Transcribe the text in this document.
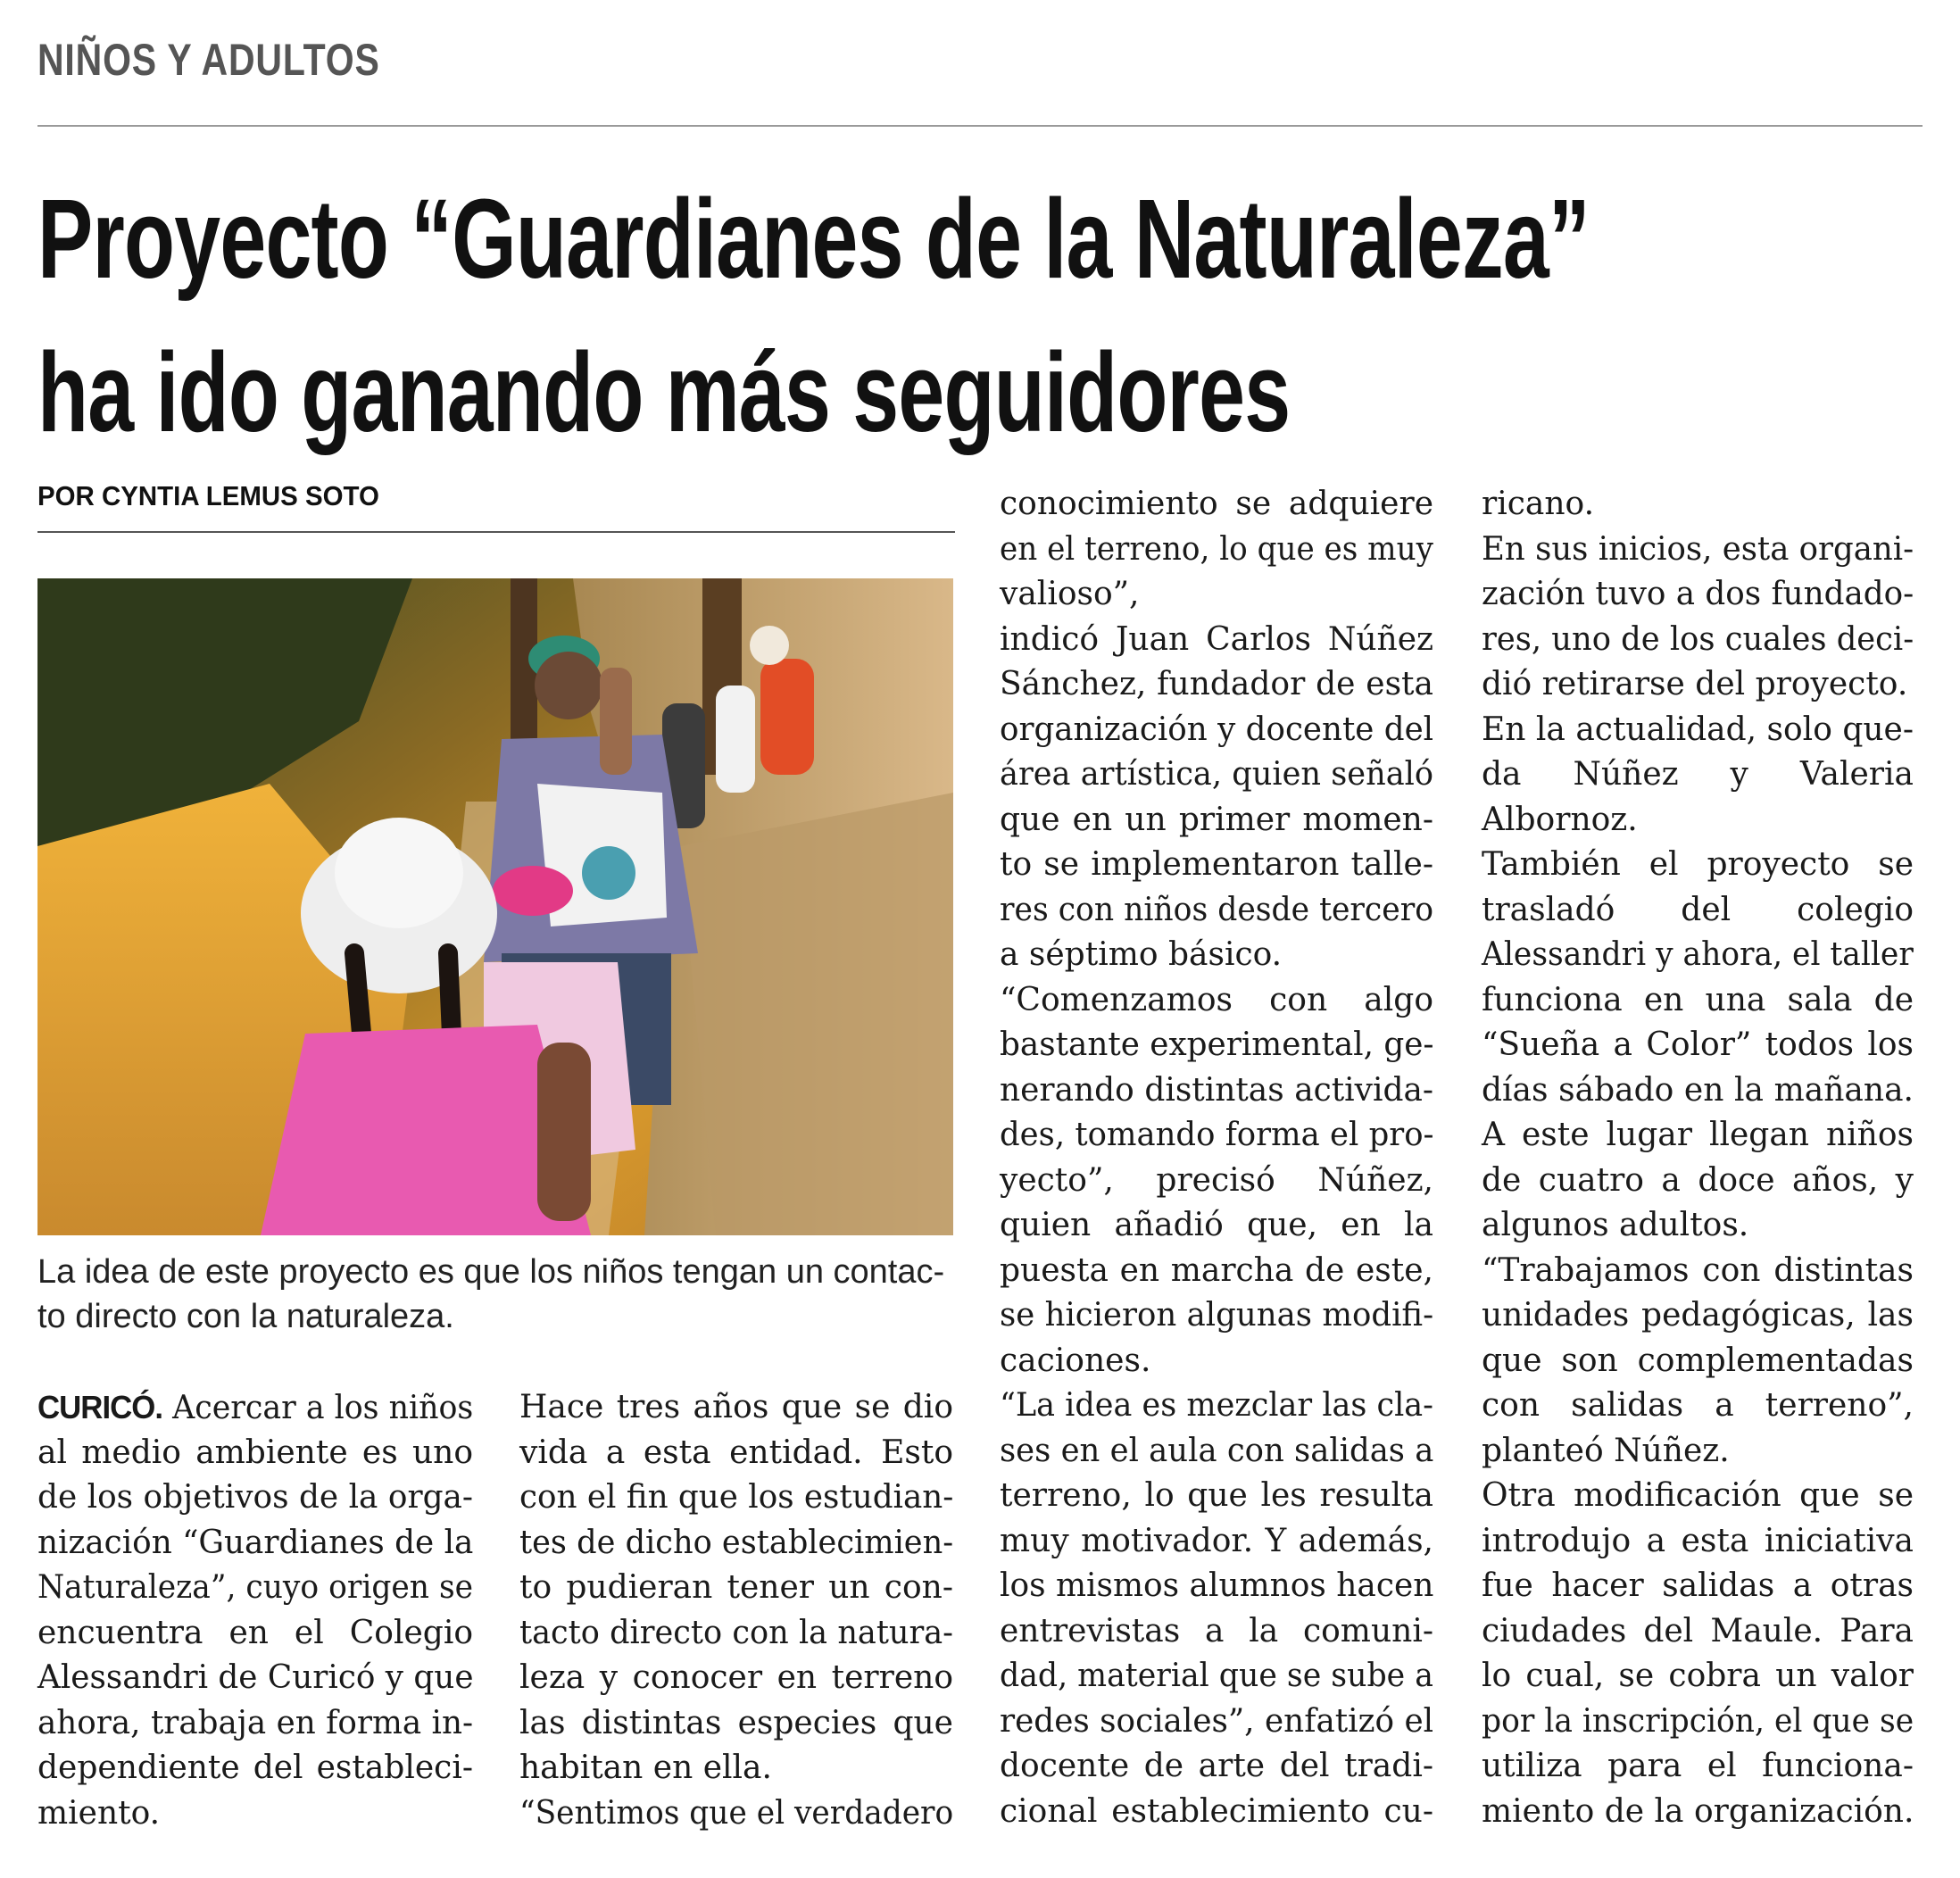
NIÑOS Y ADULTOS
Proyecto “Guardianes de la Naturaleza”
ha ido ganando más seguidores
POR CYNTIA LEMUS SOTO

La idea de este proyecto es que los niños tengan un contac-
to directo con la naturaleza.

CURICÓ. Acercar a los niños
al medio ambiente es uno
de los objetivos de la orga-
nización “Guardianes de la
Naturaleza”, cuyo origen se
encuentra en el Colegio
Alessandri de Curicó y que
ahora, trabaja en forma in-
dependiente del estableci-
miento.
Hace tres años que se dio
vida a esta entidad. Esto
con el fin que los estudian-
tes de dicho establecimien-
to pudieran tener un con-
tacto directo con la natura-
leza y conocer en terreno
las distintas especies que
habitan en ella.
“Sentimos que el verdadero
conocimiento se adquiere
en el terreno, lo que es muy
valioso”,
indicó Juan Carlos Núñez
Sánchez, fundador de esta
organización y docente del
área artística, quien señaló
que en un primer momen-
to se implementaron talle-
res con niños desde tercero
a séptimo básico.
“Comenzamos con algo
bastante experimental, ge-
nerando distintas activida-
des, tomando forma el pro-
yecto”, precisó Núñez,
quien añadió que, en la
puesta en marcha de este,
se hicieron algunas modifi-
caciones.
“La idea es mezclar las cla-
ses en el aula con salidas a
terreno, lo que les resulta
muy motivador. Y además,
los mismos alumnos hacen
entrevistas a la comuni-
dad, material que se sube a
redes sociales”, enfatizó el
docente de arte del tradi-
cional establecimiento cu-
ricano.
En sus inicios, esta organi-
zación tuvo a dos fundado-
res, uno de los cuales deci-
dió retirarse del proyecto.
En la actualidad, solo que-
da Núñez y Valeria
Albornoz.
También el proyecto se
trasladó del colegio
Alessandri y ahora, el taller
funciona en una sala de
“Sueña a Color” todos los
días sábado en la mañana.
A este lugar llegan niños
de cuatro a doce años, y
algunos adultos.
“Trabajamos con distintas
unidades pedagógicas, las
que son complementadas
con salidas a terreno”,
planteó Núñez.
Otra modificación que se
introdujo a esta iniciativa
fue hacer salidas a otras
ciudades del Maule. Para
lo cual, se cobra un valor
por la inscripción, el que se
utiliza para el funciona-
miento de la organización.
